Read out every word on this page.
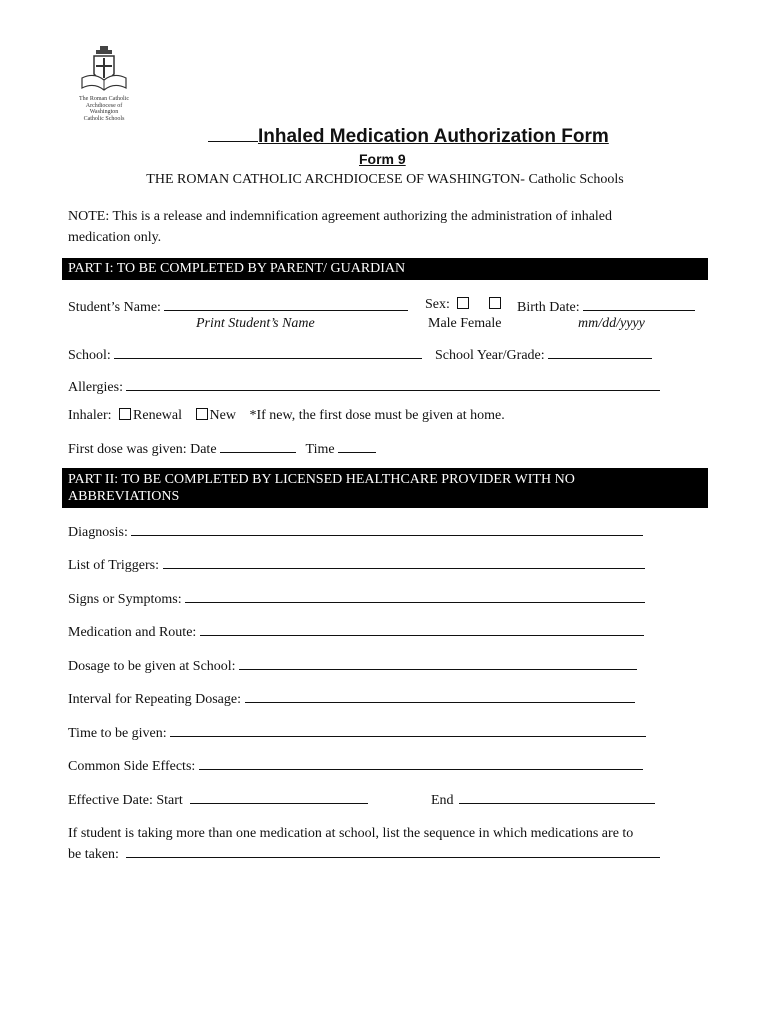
The Roman Catholic
Archdiocese of
Washington
Catholic Schools
Inhaled Medication Authorization Form
Form 9
THE ROMAN CATHOLIC ARCHDIOCESE OF WASHINGTON- Catholic Schools
NOTE: This is a release and indemnification agreement authorizing the administration of inhaled
medication only.
PART I: TO BE COMPLETED BY PARENT/ GUARDIAN
Student’s Name:
Print Student’s Name
Sex:
Male Female
Birth Date:
mm/dd/yyyy
School:	School Year/Grade:
Allergies:
Inhaler: Renewal New *If new, the first dose must be given at home.
First dose was given: Date	Time
PART II: TO BE COMPLETED BY LICENSED HEALTHCARE PROVIDER WITH NO
ABBREVIATIONS
Diagnosis:
List of Triggers:
Signs or Symptoms:
Medication and Route:
Dosage to be given at School:
Interval for Repeating Dosage:
Time to be given:
Common Side Effects:
Effective Date: Start	End
If student is taking more than one medication at school, list the sequence in which medications are to
be taken:
